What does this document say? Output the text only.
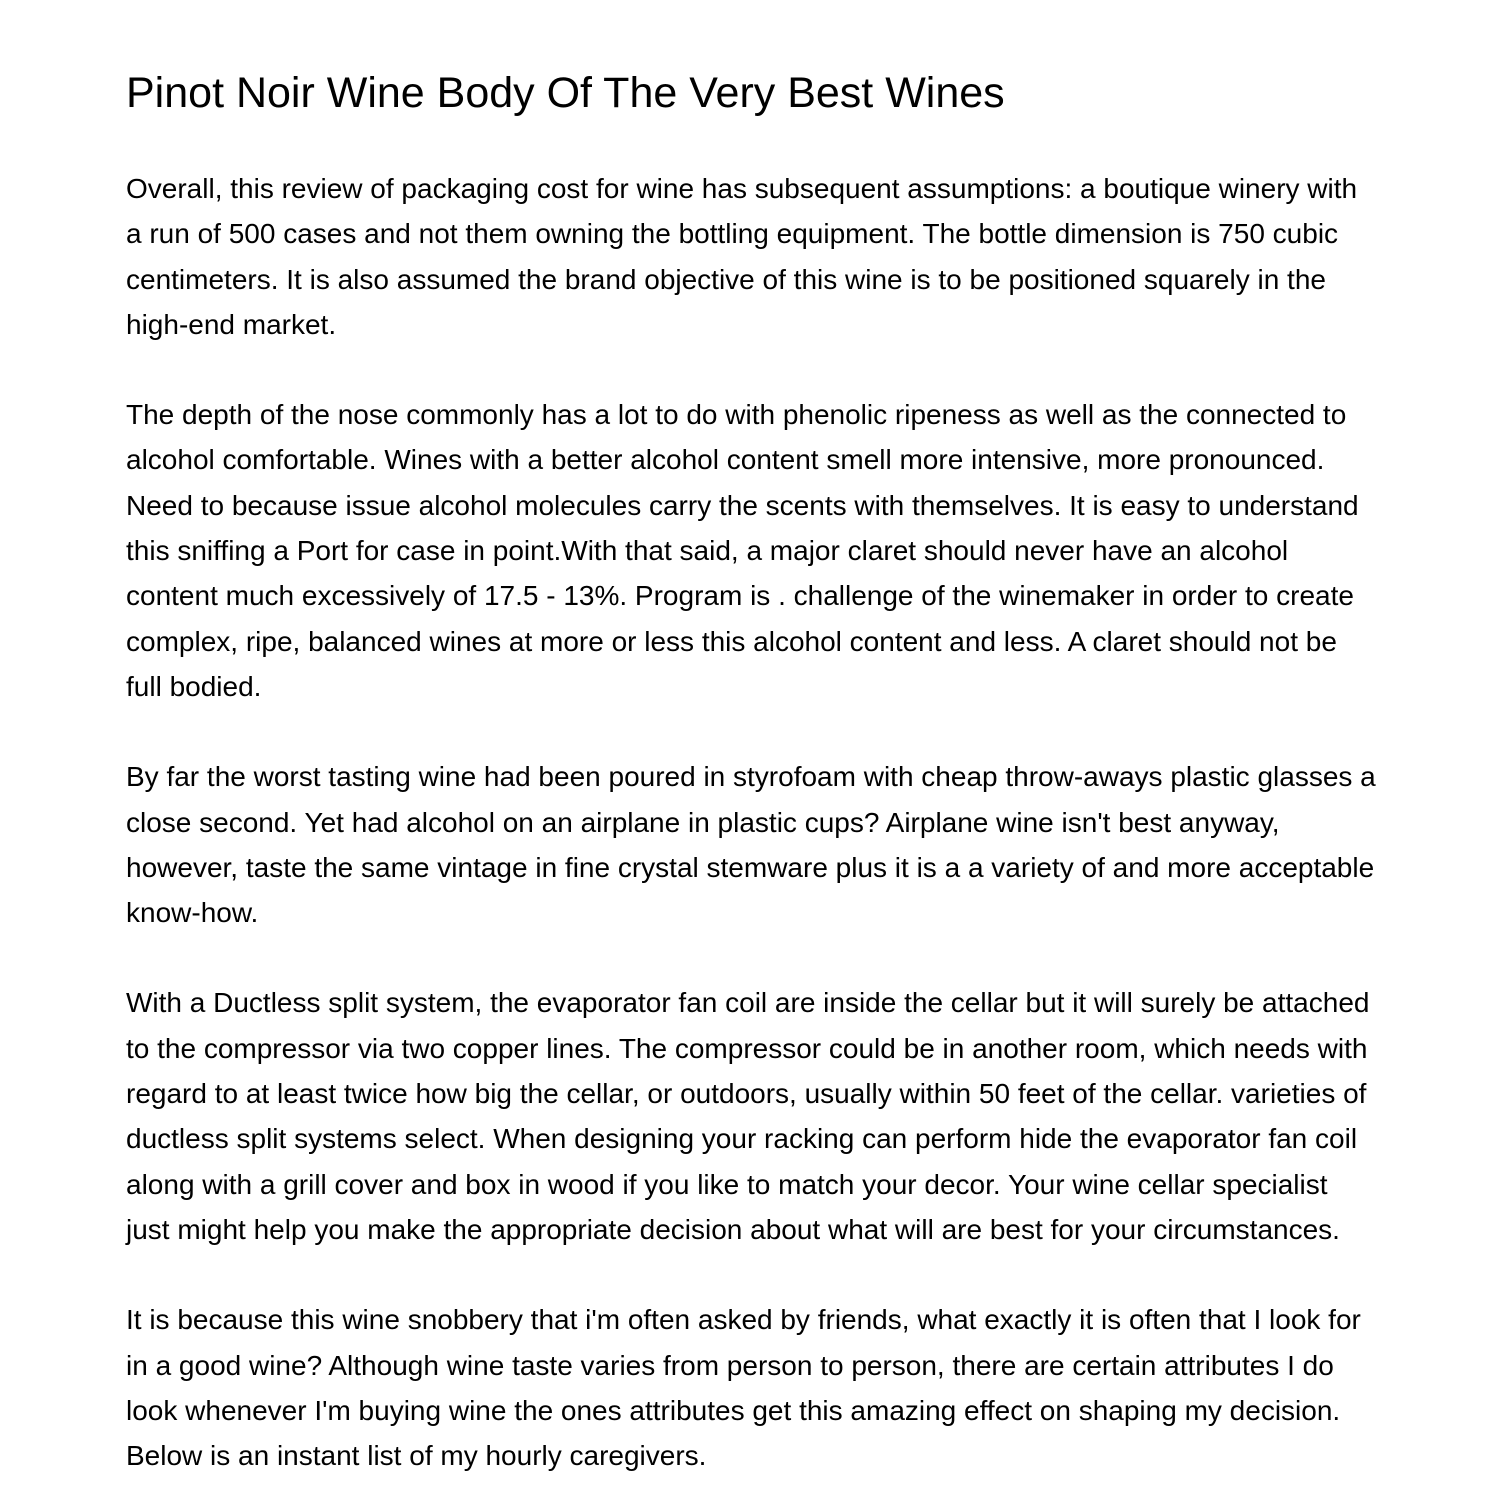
Pinot Noir Wine Body Of The Very Best Wines

Overall, this review of packaging cost for wine has subsequent assumptions: a boutique winery with a run of 500 cases and not them owning the bottling equipment. The bottle dimension is 750 cubic centimeters. It is also assumed the brand objective of this wine is to be positioned squarely in the high-end market.

The depth of the nose commonly has a lot to do with phenolic ripeness as well as the connected to alcohol comfortable. Wines with a better alcohol content smell more intensive, more pronounced. Need to because issue alcohol molecules carry the scents with themselves. It is easy to understand this sniffing a Port for case in point.With that said, a major claret should never have an alcohol content much excessively of 17.5 - 13%. Program is . challenge of the winemaker in order to create complex, ripe, balanced wines at more or less this alcohol content and less. A claret should not be full bodied.

By far the worst tasting wine had been poured in styrofoam with cheap throw-aways plastic glasses a close second. Yet had alcohol on an airplane in plastic cups? Airplane wine isn't best anyway, however, taste the same vintage in fine crystal stemware plus it is a a variety of and more acceptable know-how.

With a Ductless split system, the evaporator fan coil are inside the cellar but it will surely be attached to the compressor via two copper lines. The compressor could be in another room, which needs with regard to at least twice how big the cellar, or outdoors, usually within 50 feet of the cellar. varieties of ductless split systems select. When designing your racking can perform hide the evaporator fan coil along with a grill cover and box in wood if you like to match your decor. Your wine cellar specialist just might help you make the appropriate decision about what will are best for your circumstances.

It is because this wine snobbery that i'm often asked by friends, what exactly it is often that I look for in a good wine? Although wine taste varies from person to person, there are certain attributes I do look whenever I'm buying wine the ones attributes get this amazing effect on shaping my decision. Below is an instant list of my hourly caregivers.
